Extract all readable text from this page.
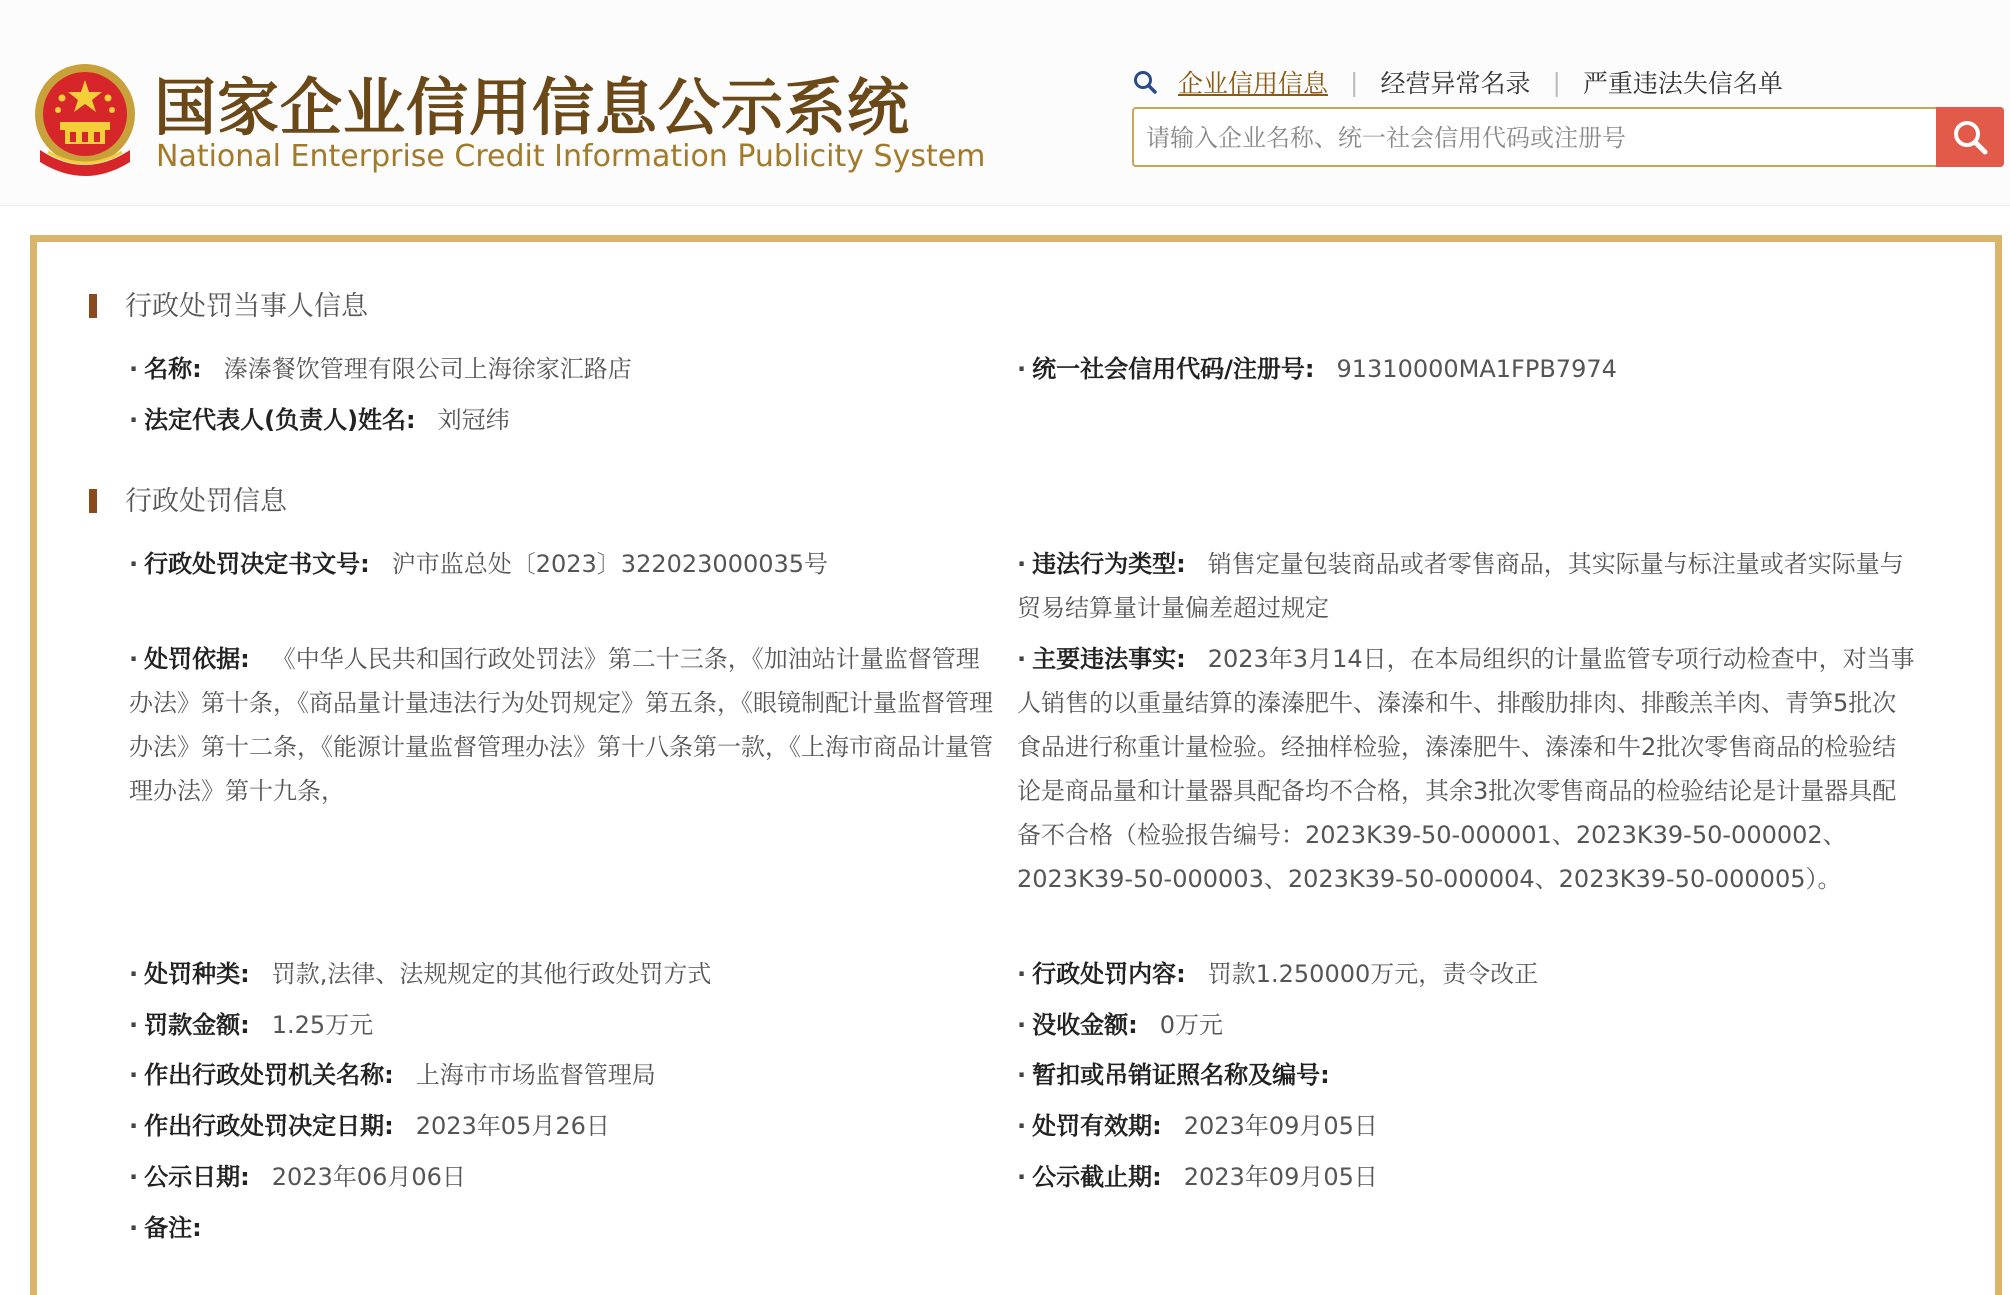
国家企业信用信息公示系统
National Enterprise Credit Information Publicity System
企业信用信息 | 经营异常名录 | 严重违法失信名单
请输入企业名称、统一社会信用代码或注册号
行政处罚当事人信息
· 名称: 溱溱餐饮管理有限公司上海徐家汇路店	· 统一社会信用代码/注册号: 91310000MA1FPB7974
· 法定代表人(负责人)姓名: 刘冠纬
行政处罚信息
· 行政处罚决定书文号: 沪市监总处〔2023〕322023000035号	· 违法行为类型: 销售定量包装商品或者零售商品，其实际量与标注量或者实际量与贸易结算量计量偏差超过规定
· 处罚依据: 《中华人民共和国行政处罚法》第二十三条，《加油站计量监督管理办法》第十条，《商品量计量违法行为处罚规定》第五条，《眼镜制配计量监督管理办法》第十二条，《能源计量监督管理办法》第十八条第一款，《上海市商品计量管理办法》第十九条，
· 主要违法事实: 2023年3月14日，在本局组织的计量监管专项行动检查中，对当事人销售的以重量结算的溱溱肥牛、溱溱和牛、排酸肋排肉、排酸羔羊肉、青笋5批次食品进行称重计量检验。经抽样检验，溱溱肥牛、溱溱和牛2批次零售商品的检验结论是商品量和计量器具配备均不合格，其余3批次零售商品的检验结论是计量器具配备不合格（检验报告编号：2023K39-50-000001、2023K39-50-000002、2023K39-50-000003、2023K39-50-000004、2023K39-50-000005）。
· 处罚种类: 罚款,法律、法规规定的其他行政处罚方式	· 行政处罚内容: 罚款1.250000万元，责令改正
· 罚款金额: 1.25万元	· 没收金额: 0万元
· 作出行政处罚机关名称: 上海市市场监督管理局	· 暂扣或吊销证照名称及编号:
· 作出行政处罚决定日期: 2023年05月26日	· 处罚有效期: 2023年09月05日
· 公示日期: 2023年06月06日	· 公示截止期: 2023年09月05日
· 备注:
